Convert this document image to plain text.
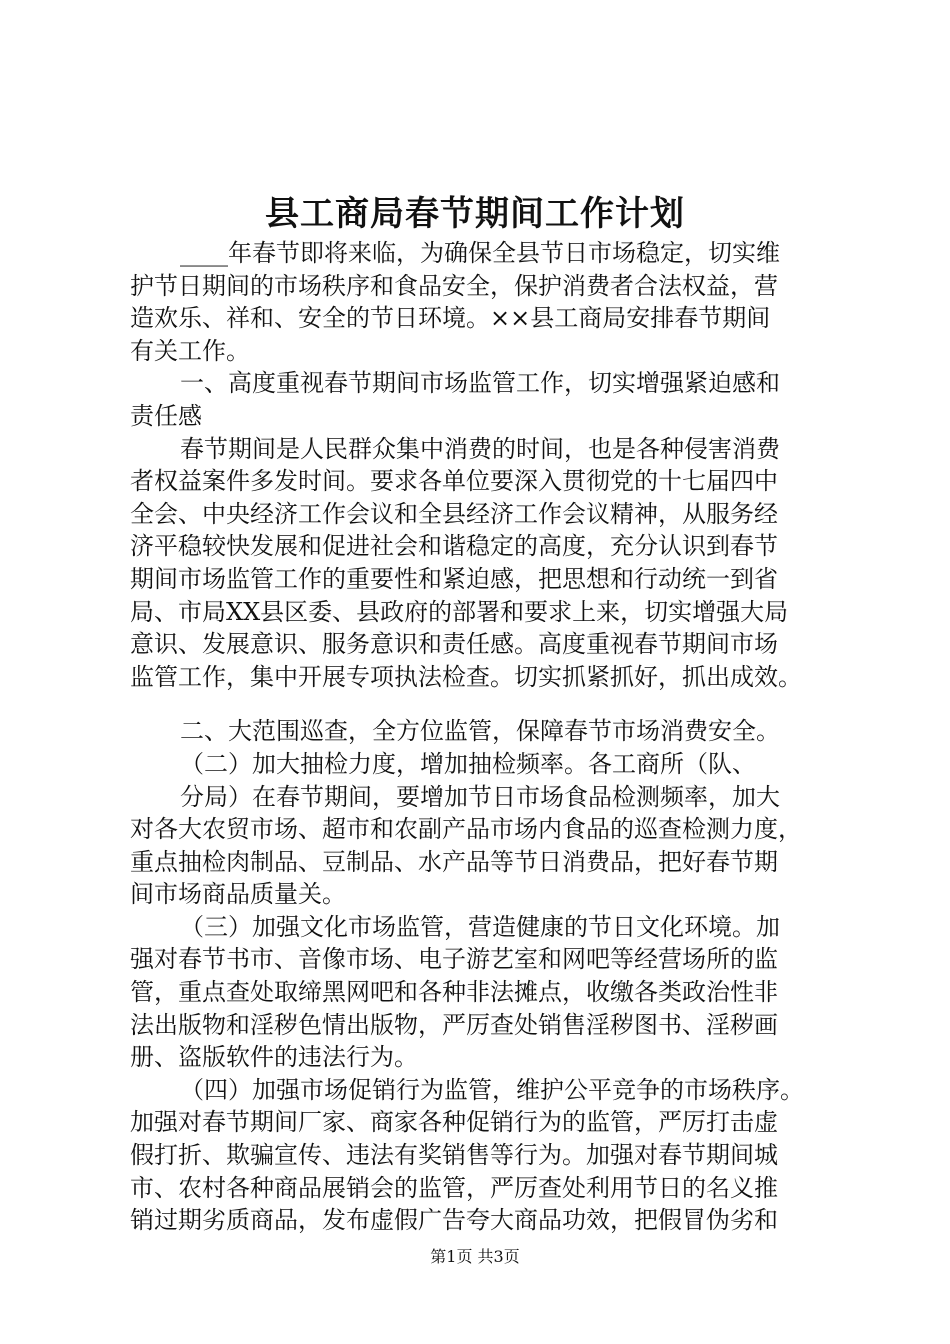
县工商局春节期间工作计划
____年春节即将来临，为确保全县节日市场稳定，切实维
护节日期间的市场秩序和食品安全，保护消费者合法权益，营
造欢乐、祥和、安全的节日环境。××县工商局安排春节期间
有关工作。
一、高度重视春节期间市场监管工作，切实增强紧迫感和
责任感
春节期间是人民群众集中消费的时间，也是各种侵害消费
者权益案件多发时间。要求各单位要深入贯彻党的十七届四中
全会、中央经济工作会议和全县经济工作会议精神，从服务经
济平稳较快发展和促进社会和谐稳定的高度，充分认识到春节
期间市场监管工作的重要性和紧迫感，把思想和行动统一到省
局、市局XX县区委、县政府的部署和要求上来，切实增强大局
意识、发展意识、服务意识和责任感。高度重视春节期间市场
监管工作，集中开展专项执法检查。切实抓紧抓好，抓出成效。
二、大范围巡查，全方位监管，保障春节市场消费安全。
（二）加大抽检力度，增加抽检频率。各工商所（队、
分局）在春节期间，要增加节日市场食品检测频率，加大
对各大农贸市场、超市和农副产品市场内食品的巡查检测力度，
重点抽检肉制品、豆制品、水产品等节日消费品，把好春节期
间市场商品质量关。
（三）加强文化市场监管，营造健康的节日文化环境。加
强对春节书市、音像市场、电子游艺室和网吧等经营场所的监
管，重点查处取缔黑网吧和各种非法摊点，收缴各类政治性非
法出版物和淫秽色情出版物，严厉查处销售淫秽图书、淫秽画
册、盗版软件的违法行为。
（四）加强市场促销行为监管，维护公平竞争的市场秩序。
加强对春节期间厂家、商家各种促销行为的监管，严厉打击虚
假打折、欺骗宣传、违法有奖销售等行为。加强对春节期间城
市、农村各种商品展销会的监管，严厉查处利用节日的名义推
销过期劣质商品，发布虚假广告夸大商品功效，把假冒伪劣和
第1页 共3页
